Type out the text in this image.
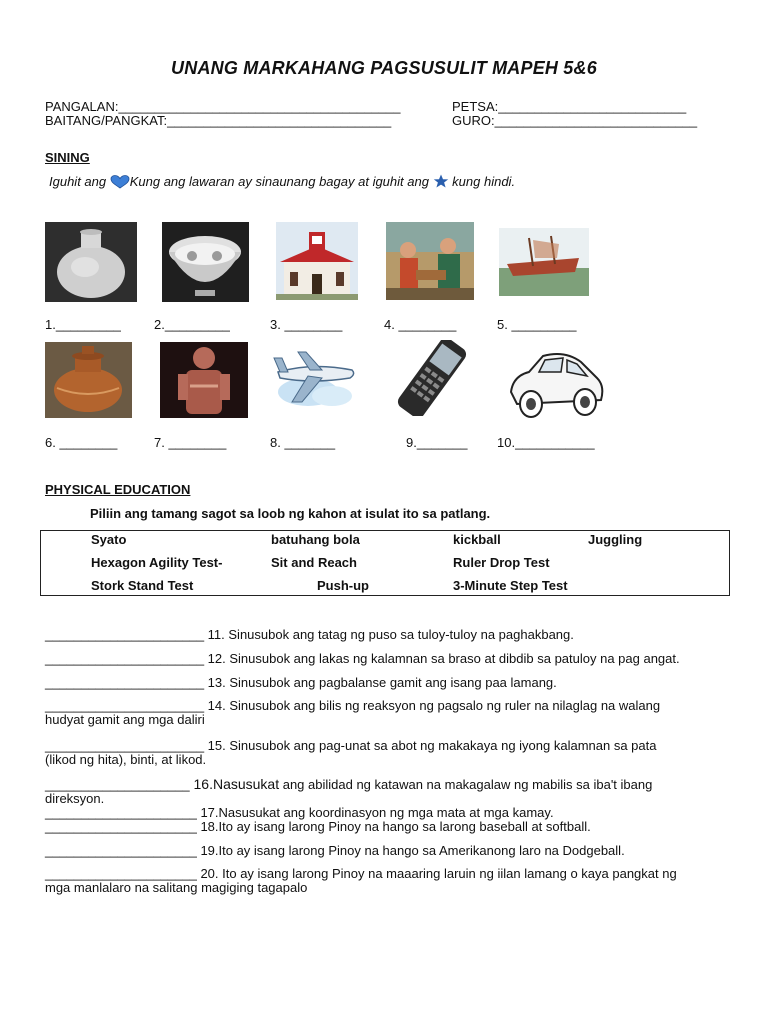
UNANG MARKAHANG PAGSUSULIT MAPEH 5&6
PANGALAN:_______________________________________	PETSA:__________________________
BAITANG/PANGKAT:_______________________________	GURO:____________________________
SINING
Iguhit ang Kung ang lawaran ay sinaunang bagay at iguhit ang  kung hindi.
1._________	2._________	3. ________	4. ________	5. _________
6. ________	7. ________	8. _______	9._______ 10.___________
PHYSICAL EDUCATION
Piliin ang tamang sagot sa loob ng kahon at isulat ito sa patlang.
Syato	batuhang bola	kickball	Juggling
Hexagon Agility Test-	Sit and Reach	Ruler Drop Test
Stork Stand Test	Push-up	3-Minute Step Test
______________________ 11. Sinusubok ang tatag ng puso sa tuloy-tuloy na paghakbang.
______________________ 12. Sinusubok ang lakas ng kalamnan sa braso at dibdib sa patuloy na pag angat.
______________________ 13. Sinusubok ang pagbalanse gamit ang isang paa lamang.
______________________ 14. Sinusubok ang bilis ng reaksyon ng pagsalo ng ruler na nilaglag na walang
hudyat gamit ang mga daliri
______________________ 15. Sinusubok ang pag-unat sa abot ng makakaya ng iyong kalamnan sa pata
(likod ng hita), binti, at likod.
____________________ 16.Nasusukat ang abilidad ng katawan na makagalaw ng mabilis sa iba't ibang
direksyon.
_____________________ 17.Nasusukat ang koordinasyon ng mga mata at mga kamay.
_____________________ 18.Ito ay isang larong Pinoy na hango sa larong baseball at softball.
_____________________ 19.Ito ay isang larong Pinoy na hango sa Amerikanong laro na Dodgeball.
_____________________ 20. Ito ay isang larong Pinoy na maaaring laruin ng iilan lamang o kaya pangkat ng
mga manlalaro na salitang magiging tagapalo
